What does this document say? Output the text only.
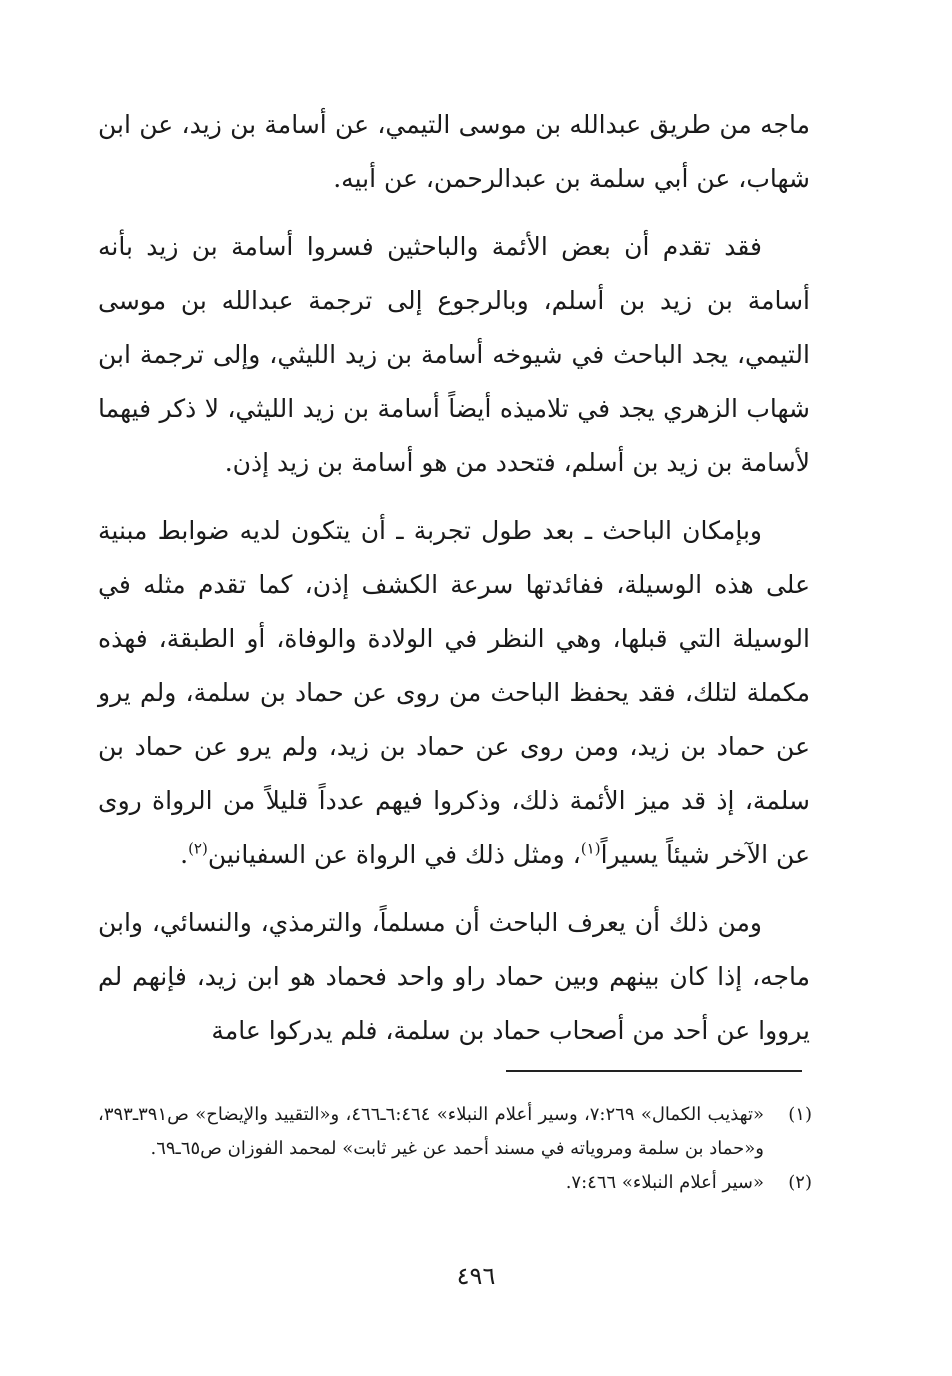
ماجه من طريق عبدالله بن موسى التيمي، عن أسامة بن زيد، عن ابن شهاب، عن أبي سلمة بن عبدالرحمن، عن أبيه.

فقد تقدم أن بعض الأئمة والباحثين فسروا أسامة بن زيد بأنه أسامة بن زيد بن أسلم، وبالرجوع إلى ترجمة عبدالله بن موسى التيمي، يجد الباحث في شيوخه أسامة بن زيد الليثي، وإلى ترجمة ابن شهاب الزهري يجد في تلاميذه أيضاً أسامة بن زيد الليثي، لا ذكر فيهما لأسامة بن زيد بن أسلم، فتحدد من هو أسامة بن زيد إذن.

وبإمكان الباحث ـ بعد طول تجربة ـ أن يتكون لديه ضوابط مبنية على هذه الوسيلة، ففائدتها سرعة الكشف إذن، كما تقدم مثله في الوسيلة التي قبلها، وهي النظر في الولادة والوفاة، أو الطبقة، فهذه مكملة لتلك، فقد يحفظ الباحث من روى عن حماد بن سلمة، ولم يرو عن حماد بن زيد، ومن روى عن حماد بن زيد، ولم يرو عن حماد بن سلمة، إذ قد ميز الأئمة ذلك، وذكروا فيهم عدداً قليلاً من الرواة روى عن الآخر شيئاً يسيراً$^{(١)}$، ومثل ذلك في الرواة عن السفيانين$^{(٢)}$.

ومن ذلك أن يعرف الباحث أن مسلماً، والترمذي، والنسائي، وابن ماجه، إذا كان بينهم وبين حماد راو واحد فحماد هو ابن زيد، فإنهم لم يرووا عن أحد من أصحاب حماد بن سلمة، فلم يدركوا عامة

(١)
«تهذيب الكمال» ٧:٢٦٩، وسير أعلام النبلاء» ٦:٤٦٤ـ٤٦٦، و«التقييد والإيضاح» ص٣٩١ـ٣٩٣، و«حماد بن سلمة ومروياته في مسند أحمد عن غير ثابت» لمحمد الفوزان ص٦٥ـ٦٩.

(٢)
«سير أعلام النبلاء» ٧:٤٦٦.

٤٩٦
